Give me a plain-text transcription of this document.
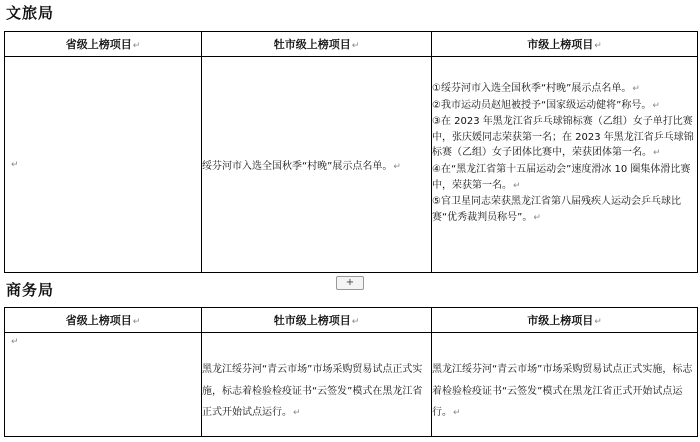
文旅局
省级上榜项目↵	牡市级上榜项目↵	市级上榜项目↵

↵	绥芬河市入选全国秋季“村晚”展示点名单。↵	①绥芬河市入选全国秋季“村晚”展示点名单。↵
②我市运动员赵旭被授予“国家级运动健将”称号。↵
③在 2023 年黑龙江省乒乓球锦标赛（乙组）女子单打比赛中，张庆媛同志荣获第一名；在 2023 年黑龙江省乒乓球锦标赛（乙组）女子团体比赛中，荣获团体第一名。↵
④在“黑龙江省第十五届运动会”速度滑冰 10 圈集体滑比赛中，荣获第一名。↵
⑤官卫星同志荣获黑龙江省第八届残疾人运动会乒乓球比赛“优秀裁判员称号”。↵
+
商务局
省级上榜项目↵	牡市级上榜项目↵	市级上榜项目↵

↵	黑龙江绥芬河“青云市场”市场采购贸易试点正式实施，标志着检验检疫证书“云签发”模式在黑龙江省正式开始试点运行。↵	黑龙江绥芬河“青云市场”市场采购贸易试点正式实施，标志着检验检疫证书“云签发”模式在黑龙江省正式开始试点运行。↵
